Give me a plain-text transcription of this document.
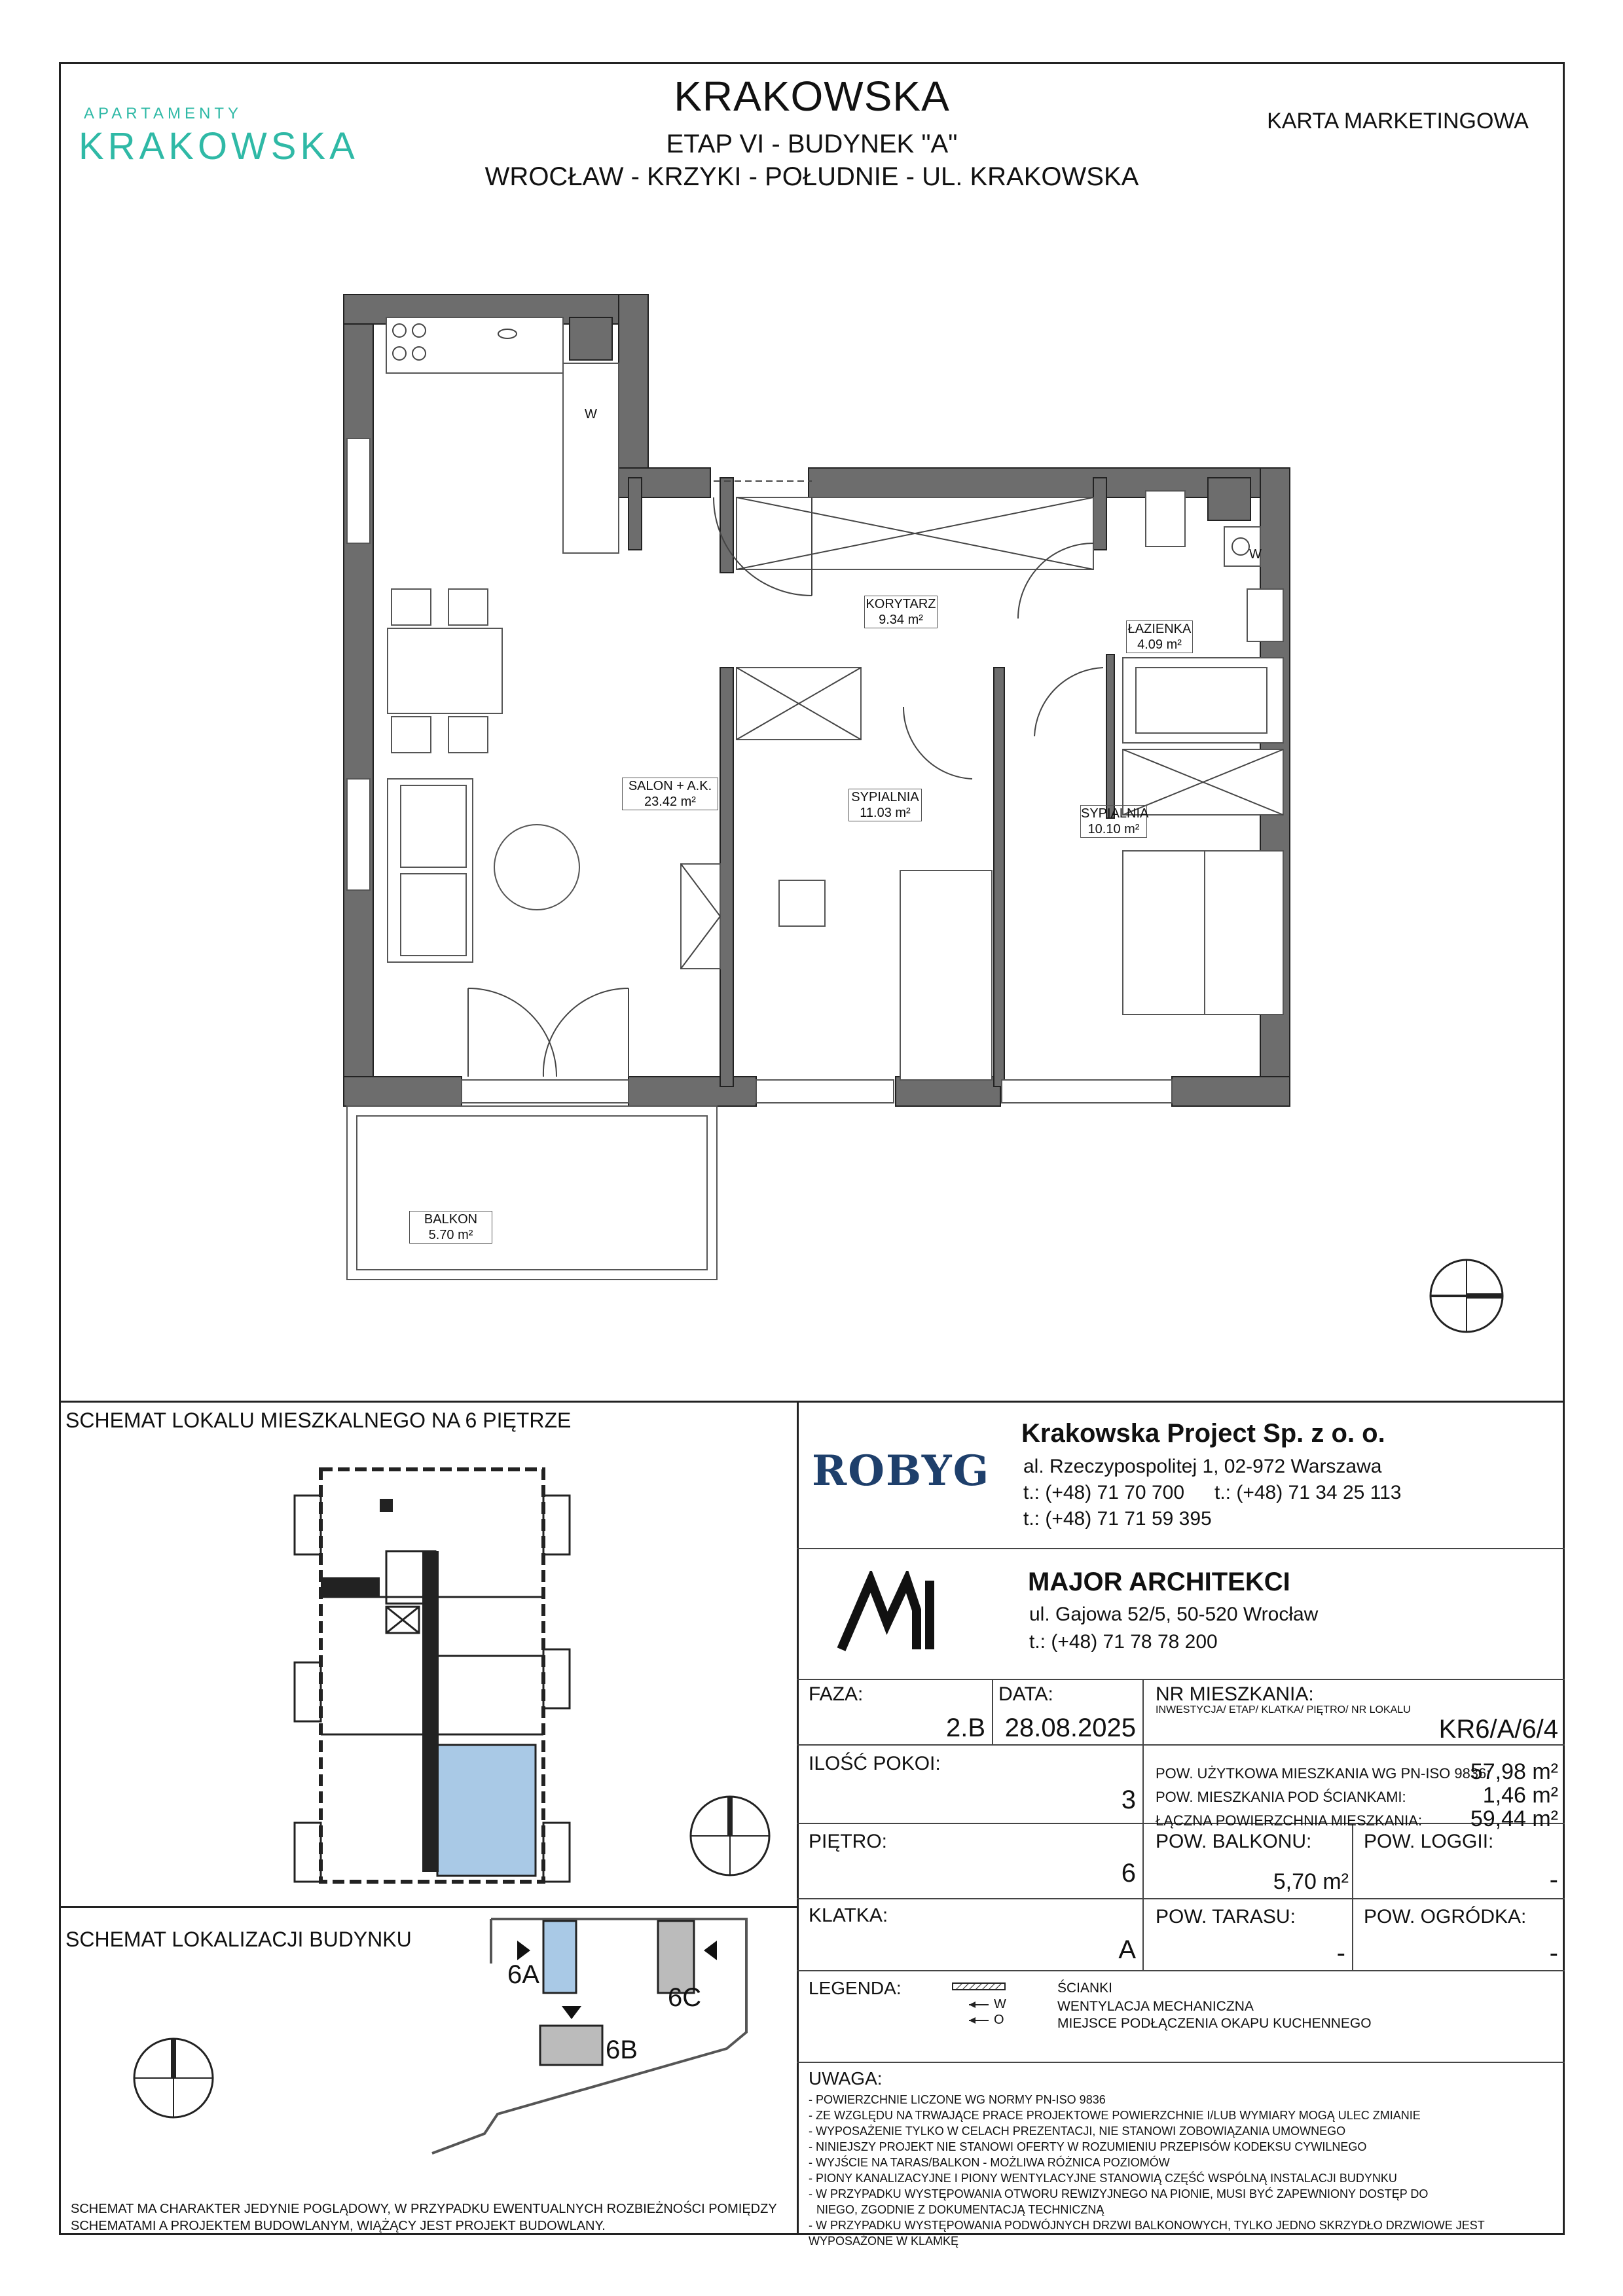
APARTAMENTY
KRAKOWSKA
KRAKOWSKA
ETAP VI - BUDYNEK "A"
WROCŁAW - KRZYKI - POŁUDNIE - UL. KRAKOWSKA
KARTA MARKETINGOWA
KORYTARZ
9.34 m²
ŁAZIENKA
4.09 m²
SALON + A.K.
23.42 m²	SYPIALNIA
11.03 m²	SYPIALNIA
10.10 m²
BALKON
5.70 m²
W
W
SCHEMAT LOKALU MIESZKALNEGO NA 6 PIĘTRZE
SCHEMAT LOKALIZACJI BUDYNKU
6A
6C
6B
SCHEMAT MA CHARAKTER JEDYNIE POGLĄDOWY, W PRZYPADKU EWENTUALNYCH ROZBIEŻNOŚCI POMIĘDZY SCHEMATAMI A PROJEKTEM BUDOWLANYM, WIĄŻĄCY JEST PROJEKT BUDOWLANY.
ROBYG
Krakowska Project Sp. z o. o.
al. Rzeczypospolitej 1, 02-972 Warszawa
t.: (+48) 71 70 700 t.: (+48) 71 34 25 113
t.: (+48) 71 71 59 395
MAJOR ARCHITEKCI
ul. Gajowa 52/5, 50-520 Wrocław
t.: (+48) 71 78 78 200
FAZA:
2.B
DATA:
28.08.2025
NR MIESZKANIA:
INWESTYCJA/ ETAP/ KLATKA/ PIĘTRO/ NR LOKALU
KR6/A/6/4
ILOŚĆ POKOI:
3
POW. UŻYTKOWA MIESZKANIA WG PN-ISO 9836:
57,98 m²
POW. MIESZKANIA POD ŚCIANKAMI:	1,46 m²
ŁĄCZNA POWIERZCHNIA MIESZKANIA:	59,44 m²
PIĘTRO:
6
POW. BALKONU:
5,70 m²
POW. LOGGII:
-
KLATKA:
A
POW. TARASU:
-
POW. OGRÓDKA:
-
LEGENDA:
W
O
ŚCIANKI
WENTYLACJA MECHANICZNA
MIEJSCE PODŁĄCZENIA OKAPU KUCHENNEGO
UWAGA:
- POWIERZCHNIE LICZONE WG NORMY PN-ISO 9836
- ZE WZGLĘDU NA TRWAJĄCE PRACE PROJEKTOWE POWIERZCHNIE I/LUB WYMIARY MOGĄ ULEC ZMIANIE
- WYPOSAŻENIE TYLKO W CELACH PREZENTACJI, NIE STANOWI ZOBOWIĄZANIA UMOWNEGO
- NINIEJSZY PROJEKT NIE STANOWI OFERTY W ROZUMIENIU PRZEPISÓW KODEKSU CYWILNEGO
- WYJŚCIE NA TARAS/BALKON - MOŻLIWA RÓŻNICA POZIOMÓW
- PIONY KANALIZACYJNE I PIONY WENTYLACYJNE STANOWIĄ CZĘŚĆ WSPÓLNĄ INSTALACJI BUDYNKU
- W PRZYPADKU WYSTĘPOWANIA OTWORU REWIZYJNEGO NA PIONIE, MUSI BYĆ ZAPEWNIONY DOSTĘP DO
NIEGO, ZGODNIE Z DOKUMENTACJĄ TECHNICZNĄ
- W PRZYPADKU WYSTĘPOWANIA PODWÓJNYCH DRZWI BALKONOWYCH, TYLKO JEDNO SKRZYDŁO DRZWIOWE JEST
WYPOSAŻONE W KLAMKĘ
